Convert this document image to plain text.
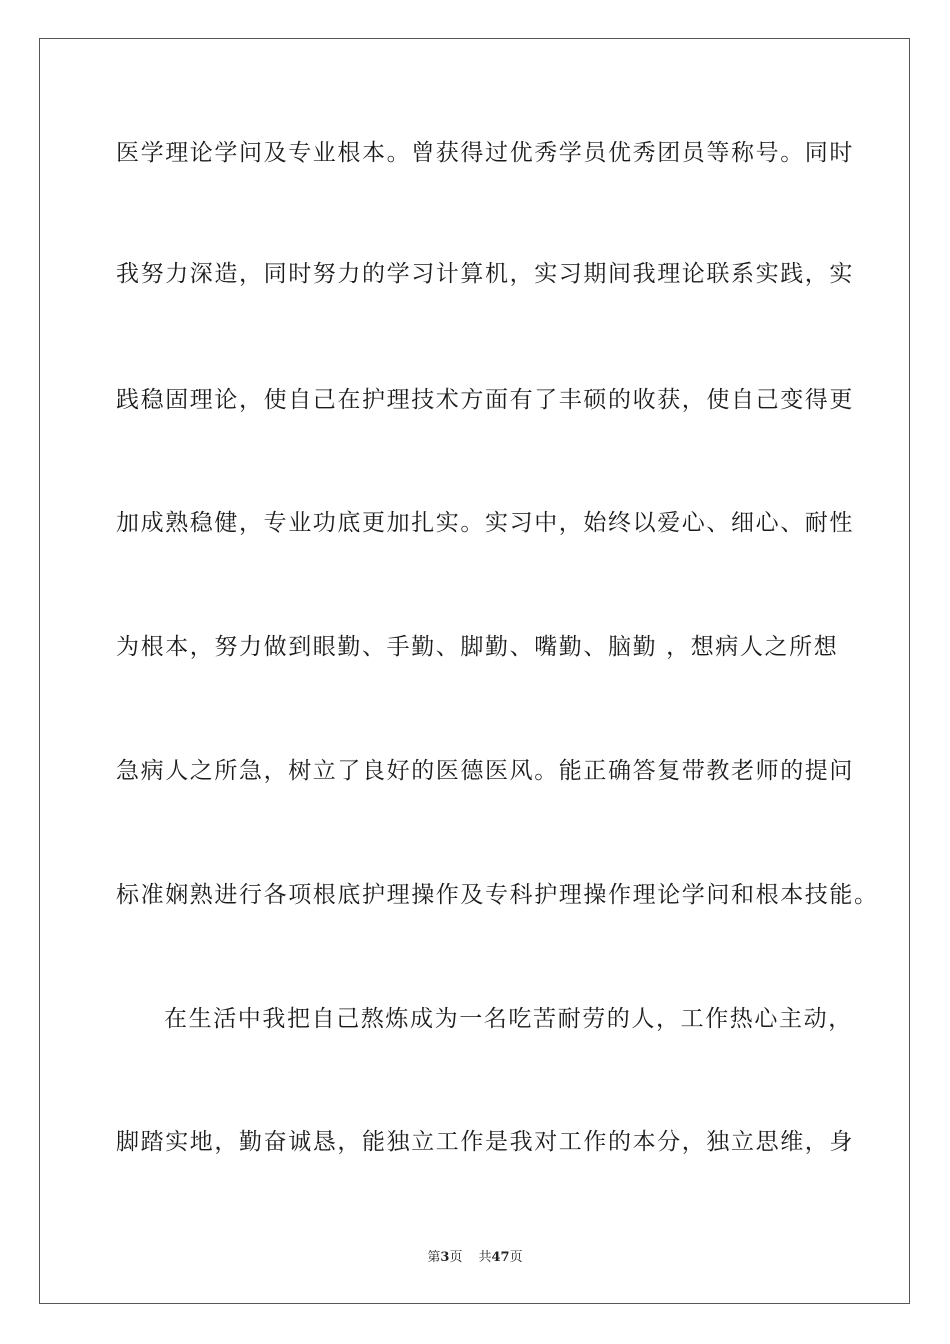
医学理论学问及专业根本。曾获得过优秀学员优秀团员等称号。同时
我努力深造，同时努力的学习计算机，实习期间我理论联系实践，实
践稳固理论，使自己在护理技术方面有了丰硕的收获，使自己变得更
加成熟稳健，专业功底更加扎实。实习中，始终以爱心、细心、耐性
为根本，努力做到眼勤、手勤、脚勤、嘴勤、脑勤 ，想病人之所想
急病人之所急，树立了良好的医德医风。能正确答复带教老师的提问
标准娴熟进行各项根底护理操作及专科护理操作理论学问和根本技能。
在生活中我把自己熬炼成为一名吃苦耐劳的人，工作热心主动，
脚踏实地，勤奋诚恳，能独立工作是我对工作的本分，独立思维，身
第3页 共47页
